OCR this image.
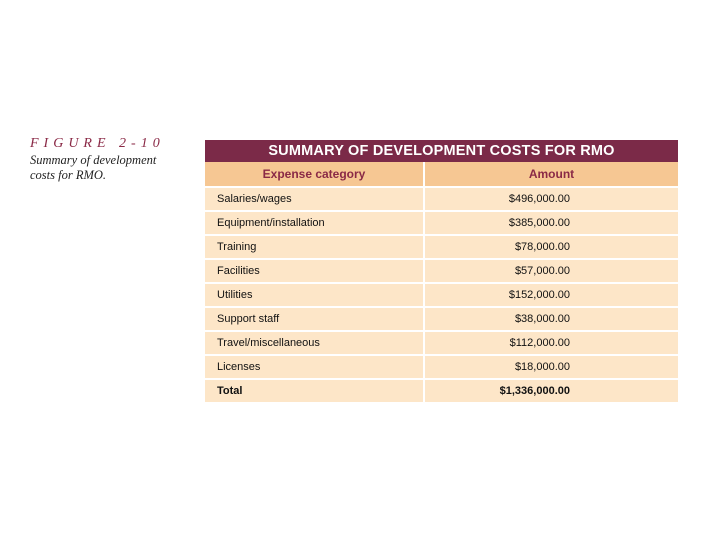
FIGURE 2-10
Summary of development costs for RMO.
SUMMARY OF DEVELOPMENT COSTS FOR RMO
Expense category	Amount
Salaries/wages	$496,000.00
Equipment/installation	$385,000.00
Training	$78,000.00
Facilities	$57,000.00
Utilities	$152,000.00
Support staff	$38,000.00
Travel/miscellaneous	$112,000.00
Licenses	$18,000.00
Total	$1,336,000.00
